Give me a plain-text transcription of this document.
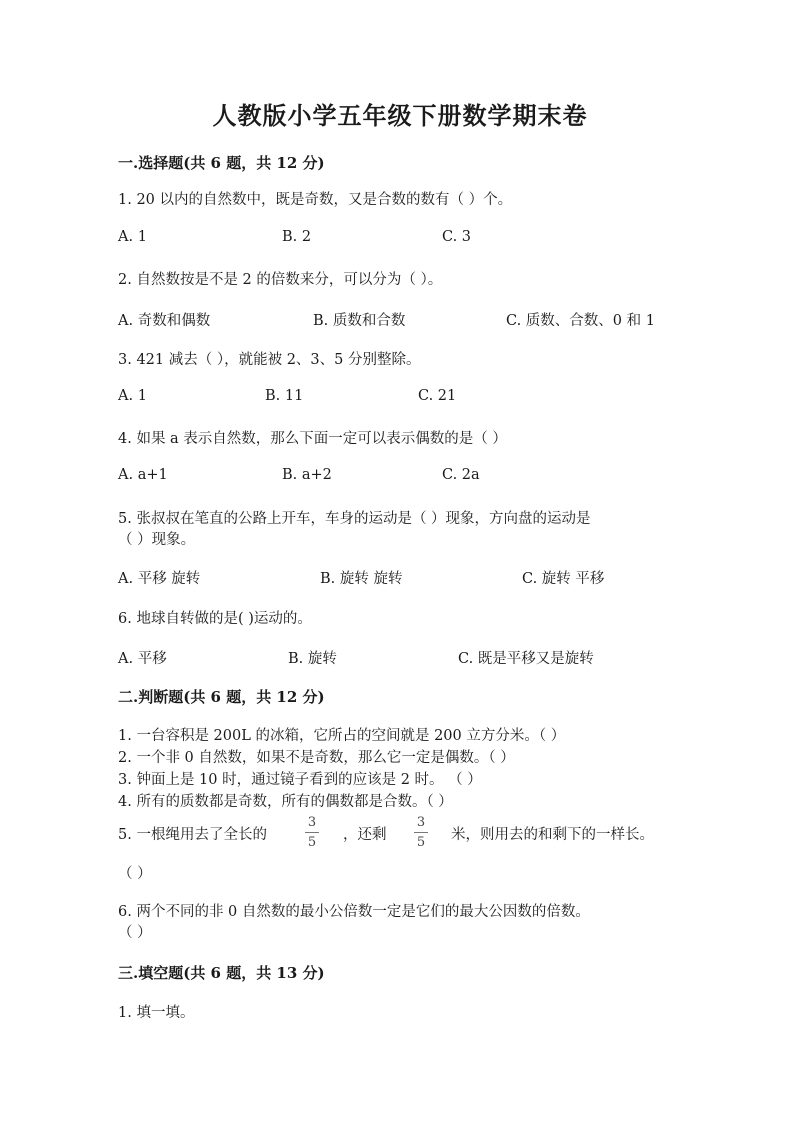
人教版小学五年级下册数学期末卷
一.选择题(共 6 题，共 12 分)
1. 20 以内的自然数中，既是奇数，又是合数的数有（ ）个。
A. 1	B. 2	C. 3
2. 自然数按是不是 2 的倍数来分，可以分为（ ）。
A. 奇数和偶数	B. 质数和合数	C. 质数、合数、0 和 1
3. 421 减去（ ），就能被 2、3、5 分别整除。
A. 1	B. 11	C. 21
4. 如果 a 表示自然数，那么下面一定可以表示偶数的是（ ）
A. a+1	B. a+2	C. 2a
5. 张叔叔在笔直的公路上开车，车身的运动是（ ）现象，方向盘的运动是
（ ）现象。
A. 平移 旋转	B. 旋转 旋转	C. 旋转 平移
6. 地球自转做的是( )运动的。
A. 平移	B. 旋转	C. 既是平移又是旋转
二.判断题(共 6 题，共 12 分)
1. 一台容积是 200L 的冰箱，它所占的空间就是 200 立方分米。（ ）
2. 一个非 0 自然数，如果不是奇数，那么它一定是偶数。（ ）
3. 钟面上是 10 时，通过镜子看到的应该是 2 时。 （ ）
4. 所有的质数都是奇数，所有的偶数都是合数。（ ）
5. 一根绳用去了全长的
3
5	，还剩
3
5	米，则用去的和剩下的一样长。
（ ）
6. 两个不同的非 0 自然数的最小公倍数一定是它们的最大公因数的倍数。
（ ）
三.填空题(共 6 题，共 13 分)
1. 填一填。
